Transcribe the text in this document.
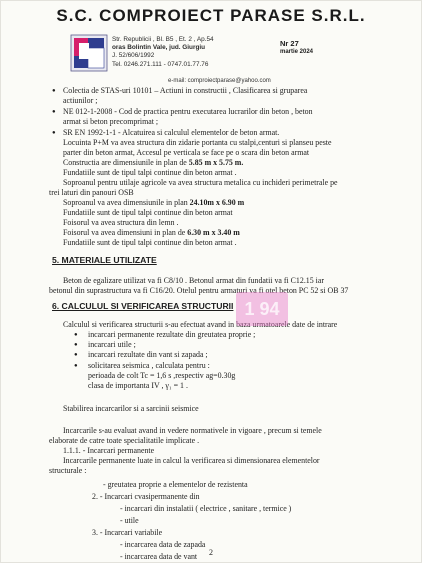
S.C. COMPROIECT PARASE S.R.L.
Str. Republicii , Bl. B5 , Et. 2 , Ap.54
oras Bolintin Vale, jud. Giurgiu
J. 52/606/1992
Tel. 0246.271.111 - 0747.01.77.76
Nr 27
martie 2024
e-mail: comproiectparase@yahoo.com
● Colectia de STAS-uri 10101 – Actiuni in constructii , Clasificarea si gruparea
actiunilor ;
● NE 012-1-2008 - Cod de practica pentru executarea lucrarilor din beton , beton
armat si beton precomprimat ;
● SR EN 1992-1-1 - Alcatuirea si calculul elementelor de beton armat.
Locuinta P+M va avea structura din zidarie portanta cu stalpi,centuri si planseu peste
parter din beton armat, Accesul pe verticala se face pe o scara din beton armat
Constructia are dimensiunile in plan de 5.85 m x 5.75 m.
Fundatiile sunt de tipul talpi continue din beton armat .
Soproanul pentru utilaje agricole va avea structura metalica cu inchideri perimetrale pe
trei laturi din panouri OSB
Soproanul va avea dimensiunile in plan 24.10m x 6.90 m
Fundatiile sunt de tipul talpi continue din beton armat
Foisorul va avea structura din lemn .
Foisorul va avea dimensiuni in plan de 6.30 m x 3.40 m
Fundatiile sunt de tipul talpi continue din beton armat .
5. MATERIALE UTILIZATE
Beton de egalizare utilizat va fi C8/10 . Betonul armat din fundatii va fi C12.15 iar
betonul din suprastructura va fi C16/20. Otelul pentru armaturi va fi otel beton PC 52 si OB 37
6. CALCULUL SI VERIFICAREA STRUCTURII
Calculul si verificarea structurii s-au efectuat avand in baza urmatoarele date de intrare
● incarcari permanente rezultate din greutatea proprie ;
● incarcari utile ;
● incarcari rezultate din vant si zapada ;
● solicitarea seismica , calculata pentru :
perioada de colt Tc = 1,6 s ,respectiv ag=0.30g
clasa de importanta IV , γ₁ = 1 .
Stabilirea incarcarilor si a sarcinii seismice
Incarcarile s-au evaluat avand in vedere normativele in vigoare , precum si temele
elaborate de catre toate specialitatile implicate .
1.1.1. - Incarcari permanente
Incarcarile permanente luate in calcul la verificarea si dimensionarea elementelor
structurale :
- greutatea proprie a elementelor de rezistenta
2. - Incarcari cvasipermanente din
- incarcari din instalatii ( electrice , sanitare , termice )
- utile
3. - Incarcari variabile
- incarcarea data de zapada
- incarcarea data de vant
1 94
2
